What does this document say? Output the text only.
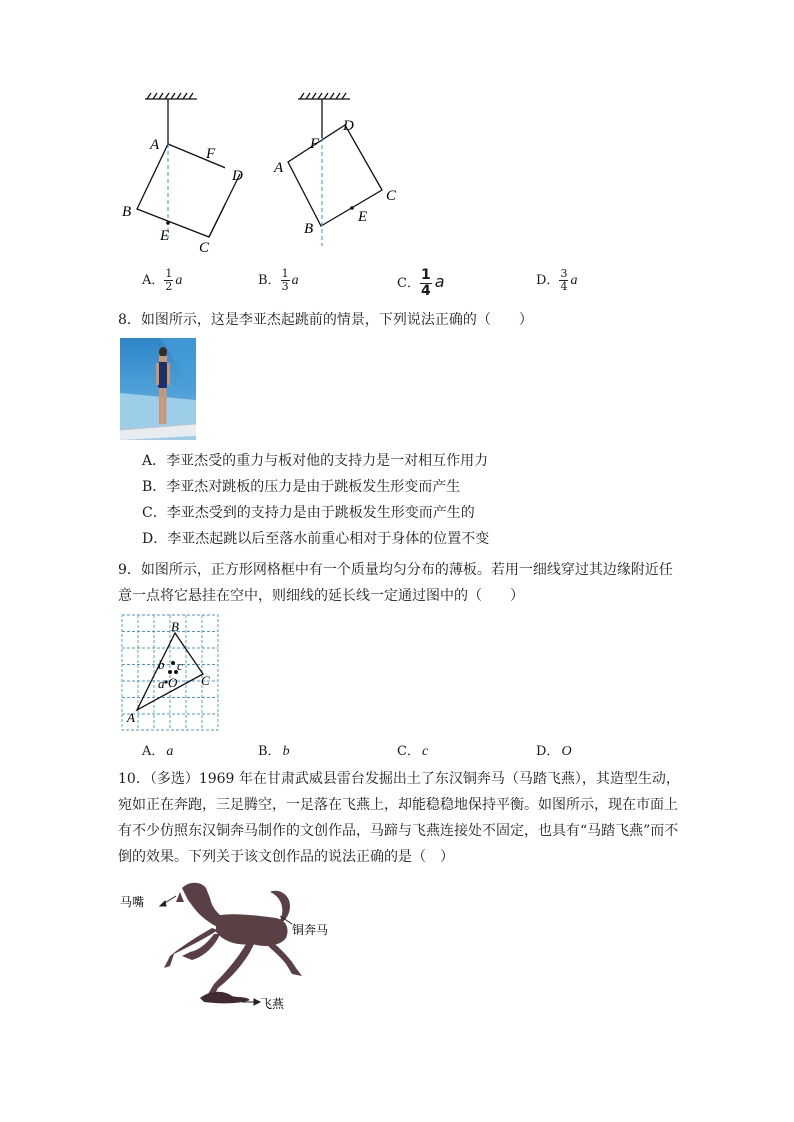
A
F
B
E
D
C
D
F
A
C
E
B
A． $\frac{1}{2}$ a	B． $\frac{1}{3}$ a	C． $\frac{1}{4}$ a	D． $\frac{3}{4}$ a
8．如图所示，这是李亚杰起跳前的情景，下列说法正确的（　　）
A．李亚杰受的重力与板对他的支持力是一对相互作用力
B．李亚杰对跳板的压力是由于跳板发生形变而产生
C．李亚杰受到的支持力是由于跳板发生形变而产生的
D．李亚杰起跳以后至落水前重心相对于身体的位置不变
9．如图所示，正方形网格框中有一个质量均匀分布的薄板。若用一细线穿过其边缘附近任
意一点将它悬挂在空中，则细线的延长线一定通过图中的（　　）
B
b c
a O C
A
A． a	B． b	C． c	D． O
10．（多选）1969 年在甘肃武威县雷台发掘出土了东汉铜奔马（马踏飞燕），其造型生动，
宛如正在奔跑，三足腾空，一足落在飞燕上，却能稳稳地保持平衡。如图所示，现在市面上
有不少仿照东汉铜奔马制作的文创作品，马蹄与飞燕连接处不固定，也具有“马踏飞燕”而不
倒的效果。下列关于该文创作品的说法正确的是（　）
马嘴
铜奔马
飞燕
